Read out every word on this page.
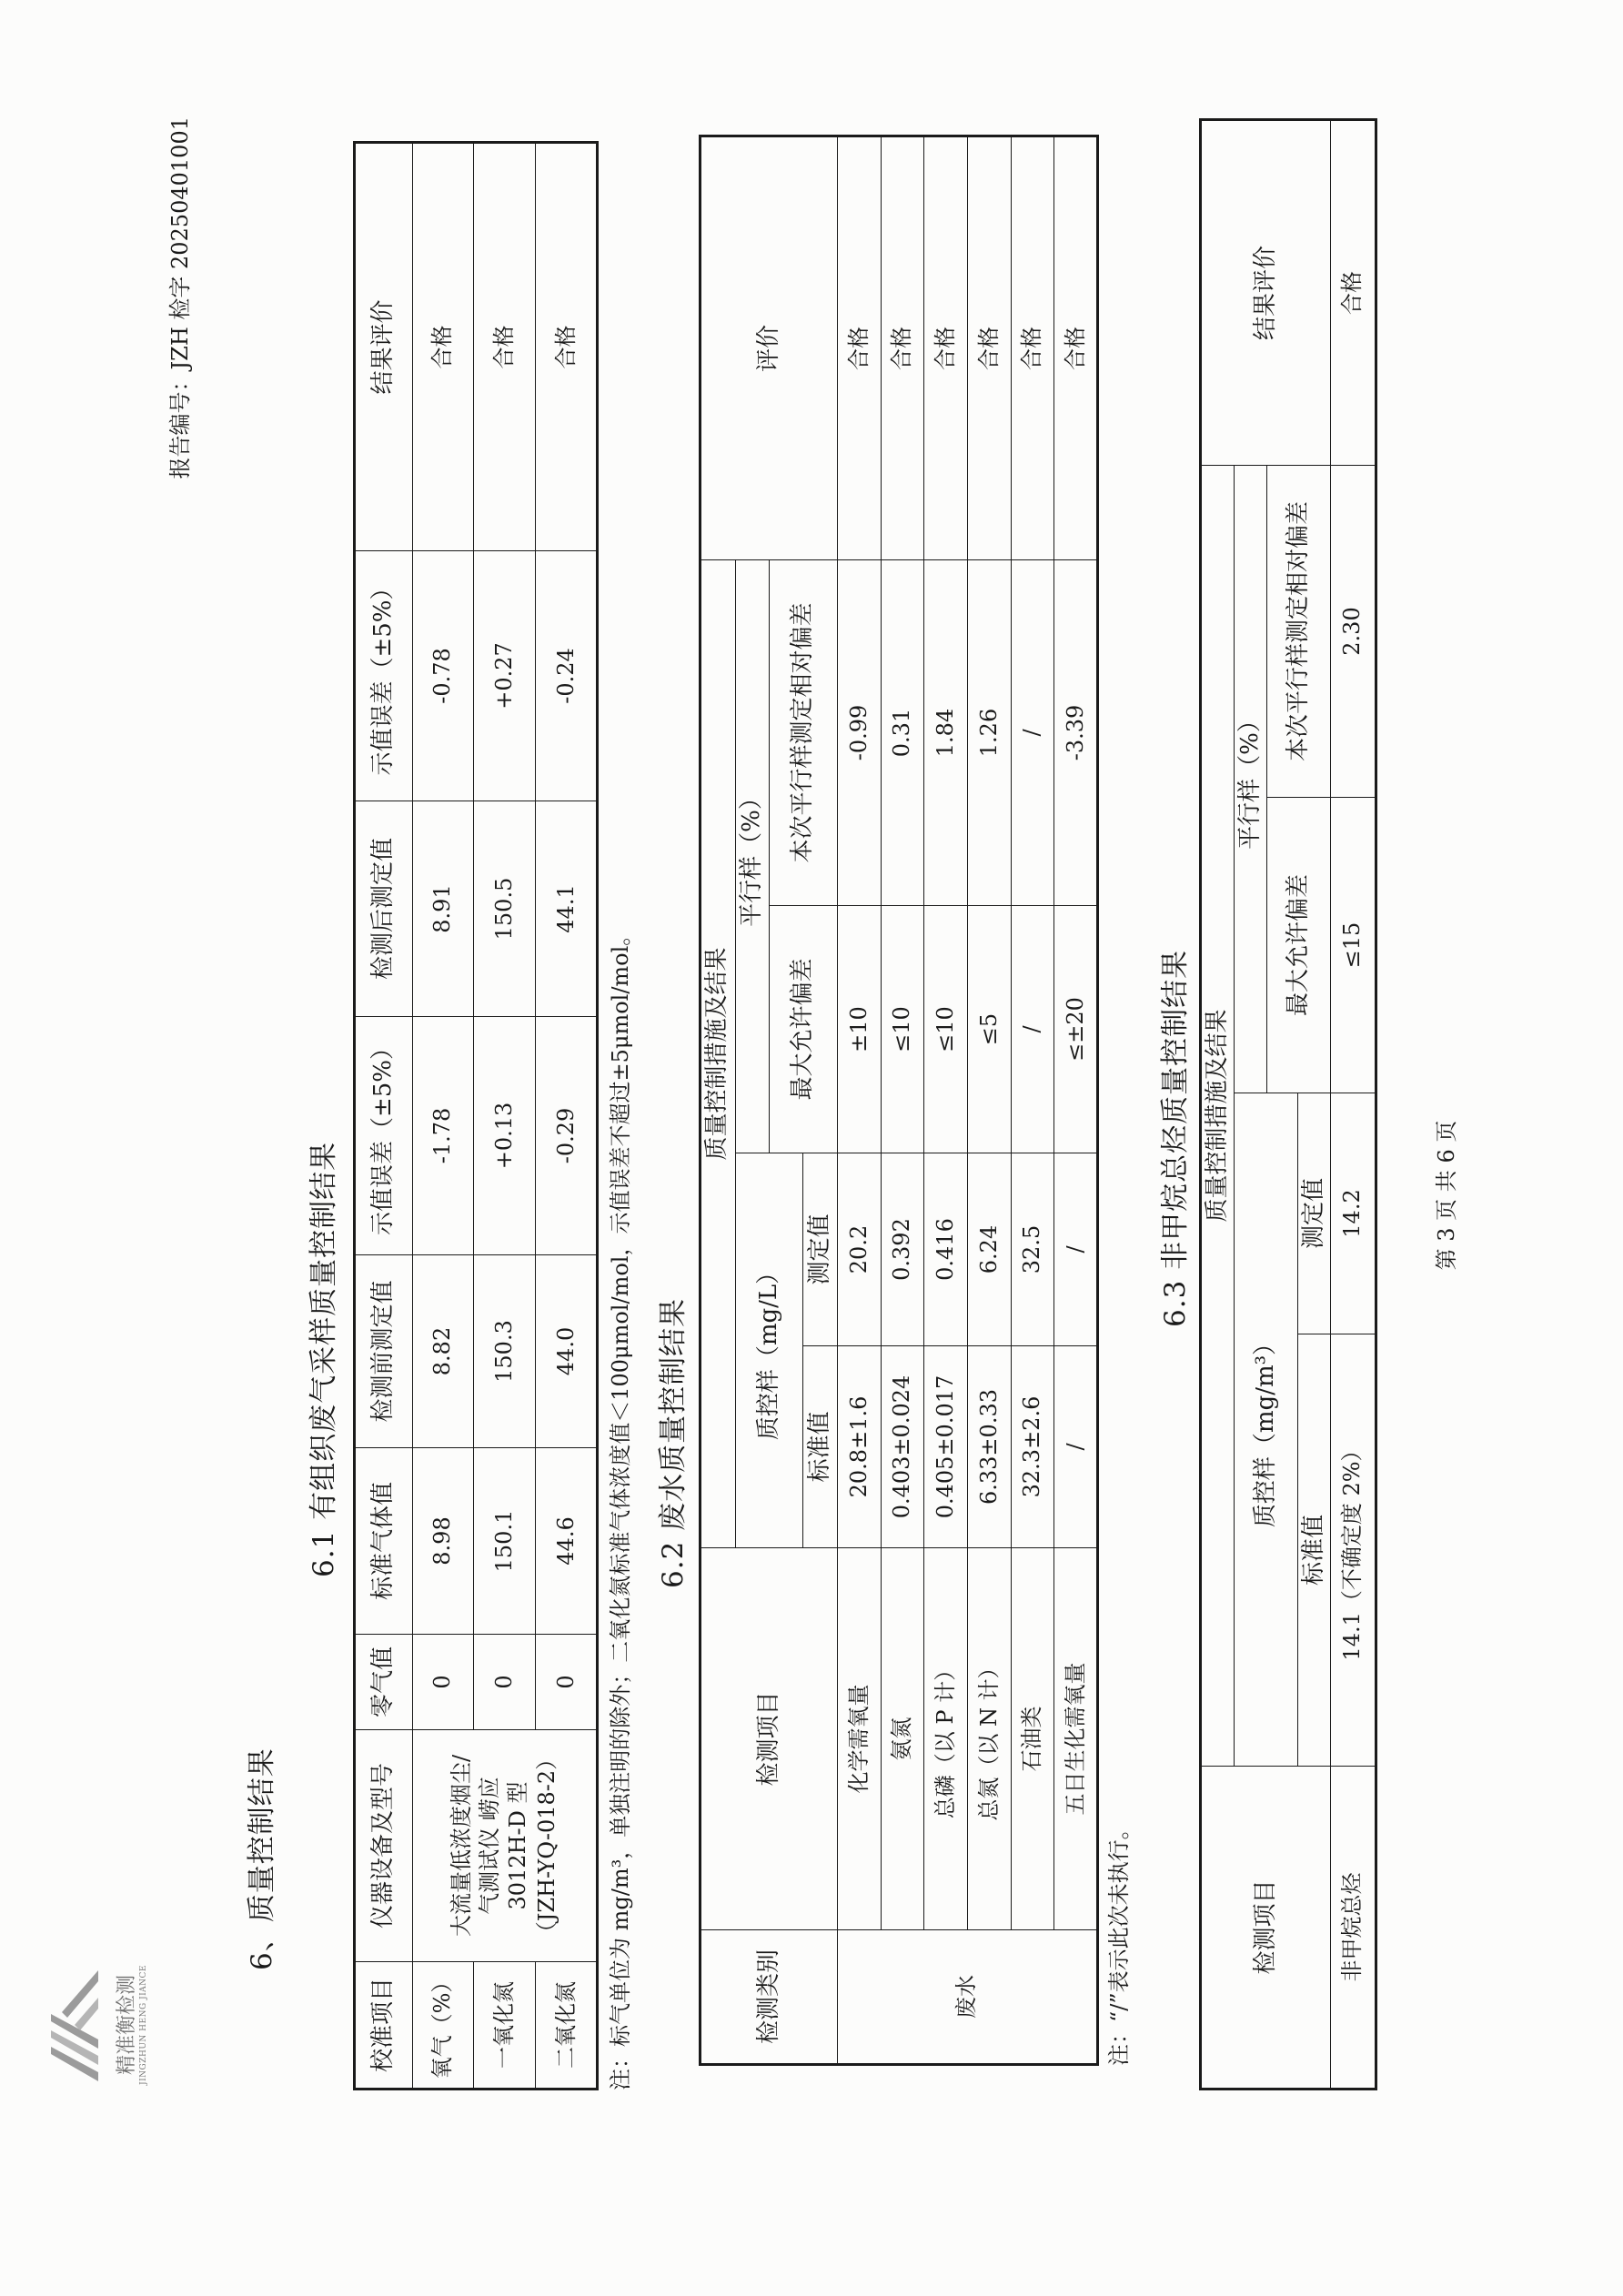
报告编号：JZH 检字 20250401001
精准衡检测 JINGZHUN HENG JIANCE
6、质量控制结果
6.1 有组织废气采样质量控制结果
校准项目	仪器设备及型号	零气值	标准气体值	检测前测定值	示值误差（±5%）	检测后测定值	示值误差（±5%）	结果评价
氧气（%）	大流量低浓度烟尘/ 气测试仪 崂应 3012H-D 型 （JZH-YQ-018-2）	0	8.98	8.82	-1.78	8.91	-0.78	合格
一氧化氮		0	150.1	150.3	+0.13	150.5	+0.27	合格
二氧化氮		0	44.6	44.0	-0.29	44.1	-0.24	合格
注：标气单位为 mg/m³，单独注明的除外；二氧化氮标准气体浓度值＜100μmol/mol，示值误差不超过±5μmol/mol。 6.2 废水质量控制结果
检测类别	检测项目	质量控制措施及结果				评价
		质控样（mg/L）		平行样（%）		
				最大允许偏差	本次平行样测定相对偏差	
		标准值	测定值			
废水	化学需氧量	20.8±1.6	20.2	±10	-0.99	合格
	氨氮	0.403±0.024	0.392	≤10	0.31	合格
	总磷（以 P 计）	0.405±0.017	0.416	≤10	1.84	合格
	总氮（以 N 计）	6.33±0.33	6.24	≤5	1.26	合格
	石油类	32.3±2.6	32.5	/	/	合格
	五日生化需氧量	/	/	≤±20	-3.39	合格
注：“/”表示此次未执行。
6.3 非甲烷总烃质量控制结果
检测项目	质量控制措施及结果				结果评价
	质控样（mg/m³）		平行样（%）		
			最大允许偏差	本次平行样测定相对偏差	
	标准值	测定值			
非甲烷总烃	14.1（不确定度 2%）	14.2	≤15	2.30	合格
第 3 页 共 6 页
